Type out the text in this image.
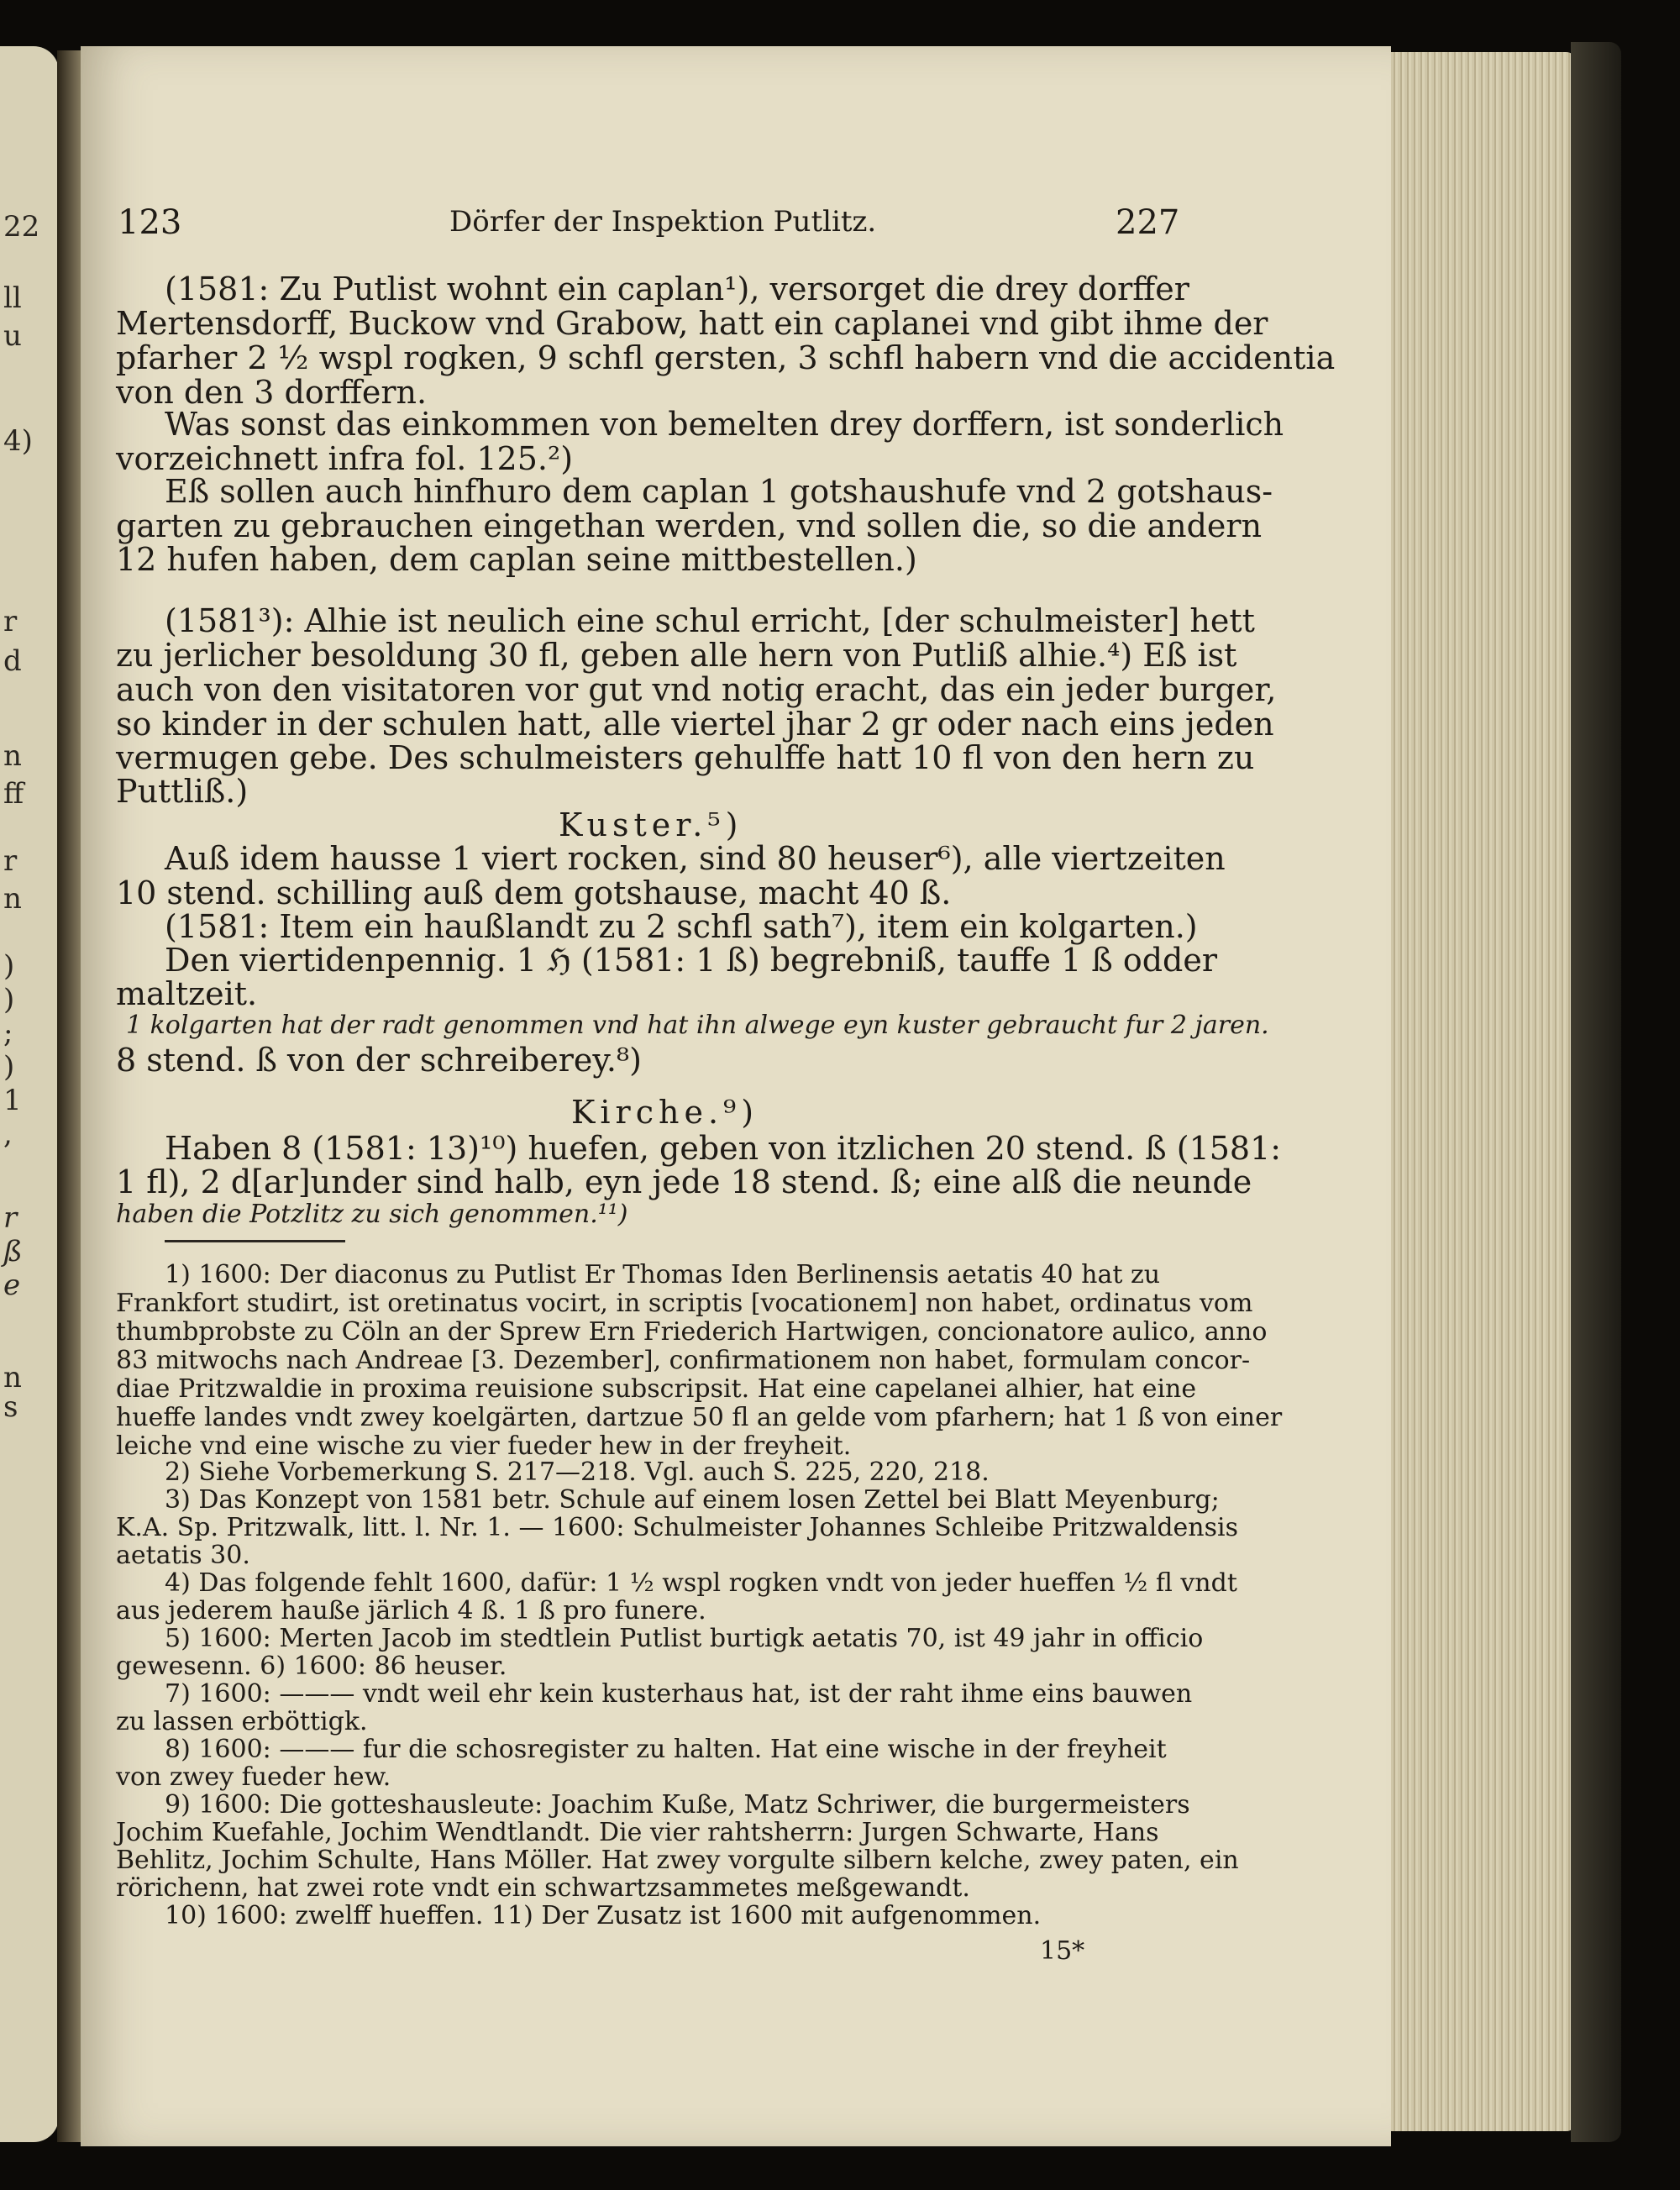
22
ll
u
4)
r
d
n
ff
r
n
)
)
;
)
1
,
r
ß
e
n
s
123	Dörfer der Inspektion Putlitz.	227
(1581: Zu Putlist wohnt ein caplan¹), versorget die drey dorffer
Mertensdorff, Buckow vnd Grabow, hatt ein caplanei vnd gibt ihme der
pfarher 2 ½ wspl rogken, 9 schfl gersten, 3 schfl habern vnd die accidentia
von den 3 dorffern.
Was sonst das einkommen von bemelten drey dorffern, ist sonderlich
vorzeichnett infra fol. 125.²)
Eß sollen auch hinfhuro dem caplan 1 gotshaushufe vnd 2 gotshaus-
garten zu gebrauchen eingethan werden, vnd sollen die, so die andern
12 hufen haben, dem caplan seine mittbestellen.)
(1581³): Alhie ist neulich eine schul erricht, [der schulmeister] hett
zu jerlicher besoldung 30 fl, geben alle hern von Putliß alhie.⁴) Eß ist
auch von den visitatoren vor gut vnd notig eracht, das ein jeder burger,
so kinder in der schulen hatt, alle viertel jhar 2 gr oder nach eins jeden
vermugen gebe. Des schulmeisters gehulffe hatt 10 fl von den hern zu
Puttliß.)
Kuster.⁵)
Auß idem hausse 1 viert rocken, sind 80 heuser⁶), alle viertzeiten
10 stend. schilling auß dem gotshause, macht 40 ß.
(1581: Item ein haußlandt zu 2 schfl sath⁷), item ein kolgarten.)
Den viertidenpennig. 1 ℌ (1581: 1 ß) begrebniß, tauffe 1 ß odder
maltzeit.
1 kolgarten hat der radt genommen vnd hat ihn alwege eyn kuster gebraucht fur 2 jaren.
8 stend. ß von der schreiberey.⁸)
Kirche.⁹)
Haben 8 (1581: 13)¹⁰) huefen, geben von itzlichen 20 stend. ß (1581:
1 fl), 2 d[ar]under sind halb, eyn jede 18 stend. ß; eine alß die neunde
haben die Potzlitz zu sich genommen.¹¹)
1) 1600: Der diaconus zu Putlist Er Thomas Iden Berlinensis aetatis 40 hat zu
Frankfort studirt, ist oretinatus vocirt, in scriptis [vocationem] non habet, ordinatus vom
thumbprobste zu Cöln an der Sprew Ern Friederich Hartwigen, concionatore aulico, anno
83 mitwochs nach Andreae [3. Dezember], confirmationem non habet, formulam concor-
diae Pritzwaldie in proxima reuisione subscripsit. Hat eine capelanei alhier, hat eine
hueffe landes vndt zwey koelgärten, dartzue 50 fl an gelde vom pfarhern; hat 1 ß von einer
leiche vnd eine wische zu vier fueder hew in der freyheit.
2) Siehe Vorbemerkung S. 217—218. Vgl. auch S. 225, 220, 218.
3) Das Konzept von 1581 betr. Schule auf einem losen Zettel bei Blatt Meyenburg;
K.A. Sp. Pritzwalk, litt. l. Nr. 1. — 1600: Schulmeister Johannes Schleibe Pritzwaldensis
aetatis 30.
4) Das folgende fehlt 1600, dafür: 1 ½ wspl rogken vndt von jeder hueffen ½ fl vndt
aus jederem hauße järlich 4 ß. 1 ß pro funere.
5) 1600: Merten Jacob im stedtlein Putlist burtigk aetatis 70, ist 49 jahr in officio
gewesenn. 6) 1600: 86 heuser.
7) 1600: ——— vndt weil ehr kein kusterhaus hat, ist der raht ihme eins bauwen
zu lassen erböttigk.
8) 1600: ——— fur die schosregister zu halten. Hat eine wische in der freyheit
von zwey fueder hew.
9) 1600: Die gotteshausleute: Joachim Kuße, Matz Schriwer, die burgermeisters
Jochim Kuefahle, Jochim Wendtlandt. Die vier rahtsherrn: Jurgen Schwarte, Hans
Behlitz, Jochim Schulte, Hans Möller. Hat zwey vorgulte silbern kelche, zwey paten, ein
rörichenn, hat zwei rote vndt ein schwartzsammetes meßgewandt.
10) 1600: zwelff hueffen. 11) Der Zusatz ist 1600 mit aufgenommen.
15*
